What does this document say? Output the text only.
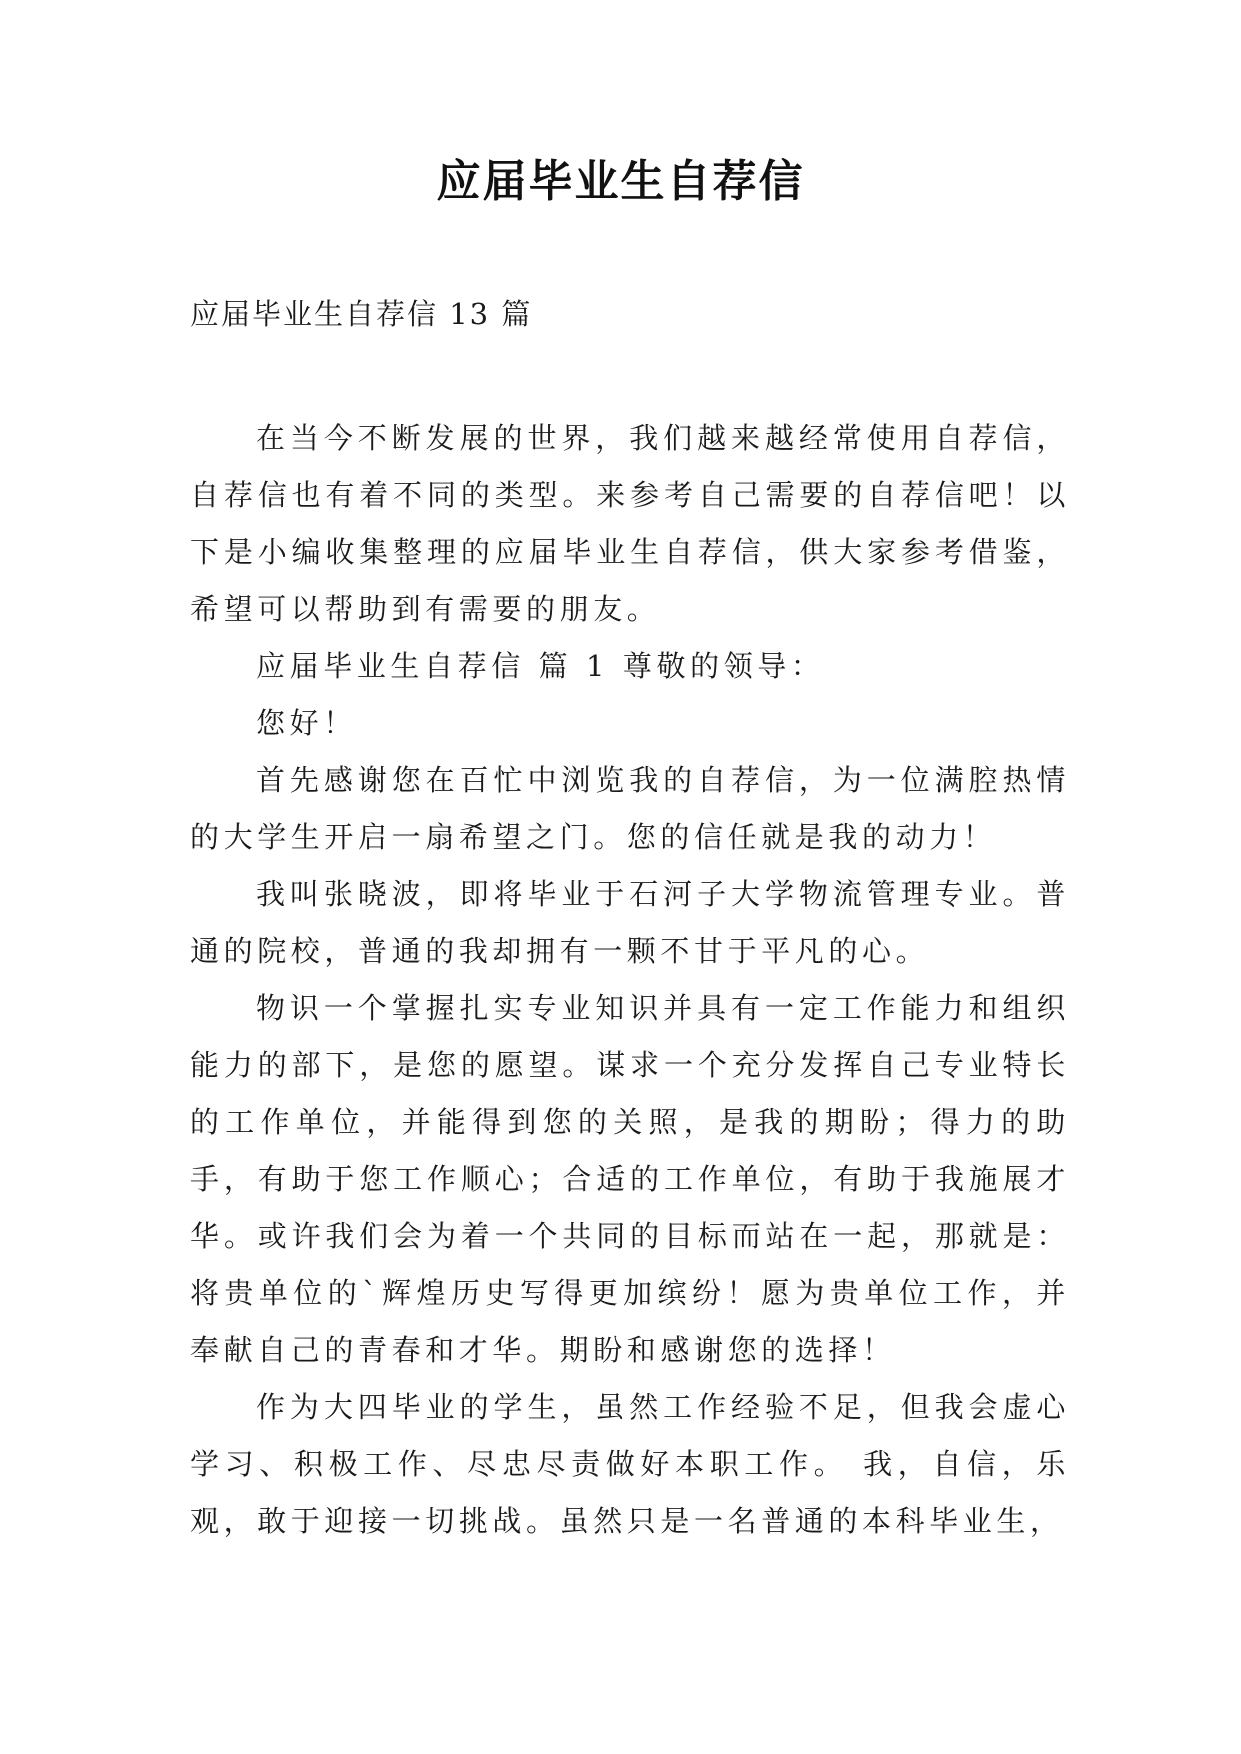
应届毕业生自荐信

应届毕业生自荐信 13 篇

在当今不断发展的世界，我们越来越经常使用自荐信，自荐信也有着不同的类型。来参考自己需要的自荐信吧！以下是小编收集整理的应届毕业生自荐信，供大家参考借鉴，希望可以帮助到有需要的朋友。

应届毕业生自荐信 篇 1 尊敬的领导：

您好！

首先感谢您在百忙中浏览我的自荐信，为一位满腔热情的大学生开启一扇希望之门。您的信任就是我的动力！

我叫张晓波，即将毕业于石河子大学物流管理专业。普通的院校，普通的我却拥有一颗不甘于平凡的心。

物识一个掌握扎实专业知识并具有一定工作能力和组织能力的部下，是您的愿望。谋求一个充分发挥自己专业特长的工作单位，并能得到您的关照，是我的期盼；得力的助手，有助于您工作顺心；合适的工作单位，有助于我施展才华。或许我们会为着一个共同的目标而站在一起，那就是：将贵单位的`辉煌历史写得更加缤纷！愿为贵单位工作，并奉献自己的青春和才华。期盼和感谢您的选择！

作为大四毕业的学生，虽然工作经验不足，但我会虚心学习、积极工作、尽忠尽责做好本职工作。 我，自信，乐观，敢于迎接一切挑战。虽然只是一名普通的本科毕业生，
